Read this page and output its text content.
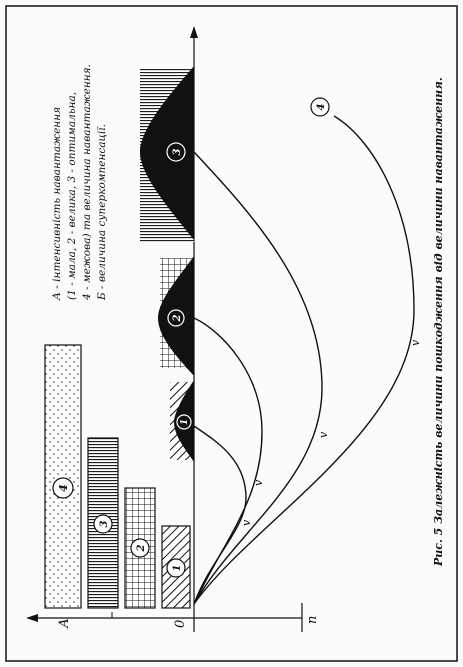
А	0	п
v
v
v
v
1
2
3
4
1
2
3
4
А - інтенсивність навантаження (1 - мала, 2 - велика, 3 - оптимальна, 4 - межова) та величина навантаження. Б - величина суперкомпенсації.	Рис. 5 Залежність величини пошкодження від величини навантаження.
